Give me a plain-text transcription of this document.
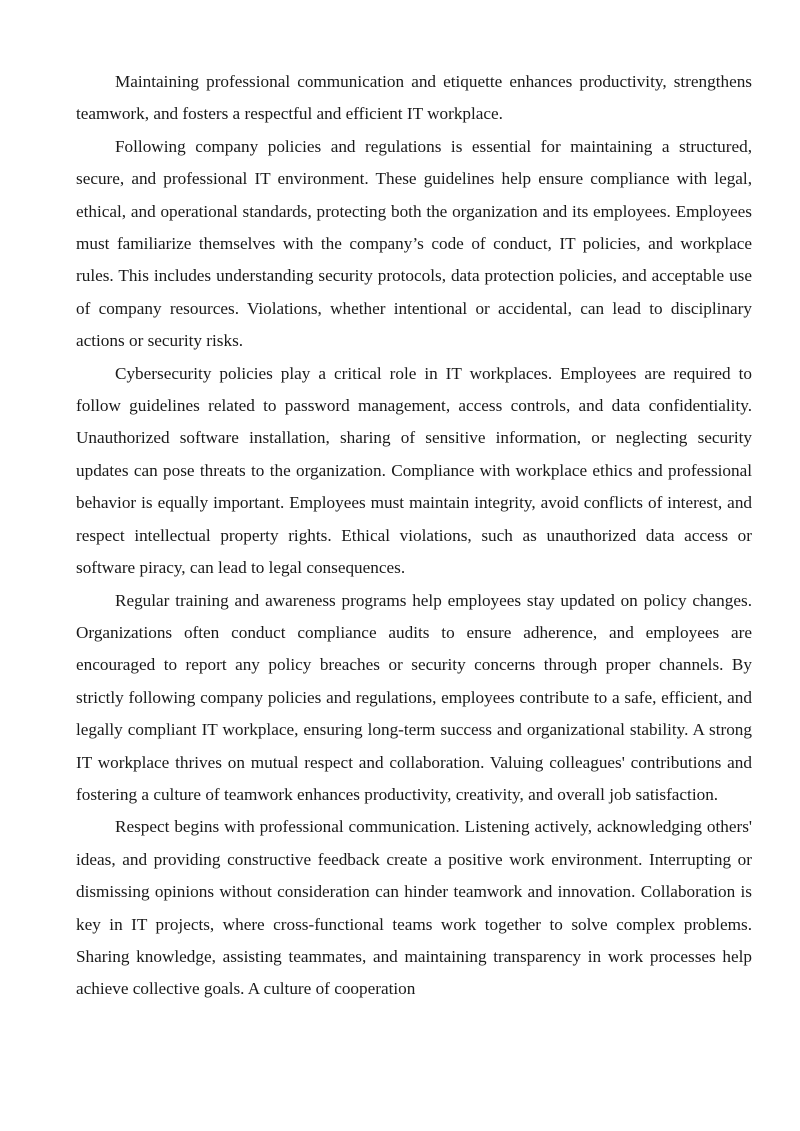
Maintaining professional communication and etiquette enhances productivity, strengthens teamwork, and fosters a respectful and efficient IT workplace.

Following company policies and regulations is essential for maintaining a structured, secure, and professional IT environment. These guidelines help ensure compliance with legal, ethical, and operational standards, protecting both the organization and its employees. Employees must familiarize themselves with the company’s code of conduct, IT policies, and workplace rules. This includes understanding security protocols, data protection policies, and acceptable use of company resources. Violations, whether intentional or accidental, can lead to disciplinary actions or security risks.

Cybersecurity policies play a critical role in IT workplaces. Employees are required to follow guidelines related to password management, access controls, and data confidentiality. Unauthorized software installation, sharing of sensitive information, or neglecting security updates can pose threats to the organization. Compliance with workplace ethics and professional behavior is equally important. Employees must maintain integrity, avoid conflicts of interest, and respect intellectual property rights. Ethical violations, such as unauthorized data access or software piracy, can lead to legal consequences.

Regular training and awareness programs help employees stay updated on policy changes. Organizations often conduct compliance audits to ensure adherence, and employees are encouraged to report any policy breaches or security concerns through proper channels. By strictly following company policies and regulations, employees contribute to a safe, efficient, and legally compliant IT workplace, ensuring long-term success and organizational stability. A strong IT workplace thrives on mutual respect and collaboration. Valuing colleagues' contributions and fostering a culture of teamwork enhances productivity, creativity, and overall job satisfaction.

Respect begins with professional communication. Listening actively, acknowledging others' ideas, and providing constructive feedback create a positive work environment. Interrupting or dismissing opinions without consideration can hinder teamwork and innovation. Collaboration is key in IT projects, where cross-functional teams work together to solve complex problems. Sharing knowledge, assisting teammates, and maintaining transparency in work processes help achieve collective goals. A culture of cooperation
